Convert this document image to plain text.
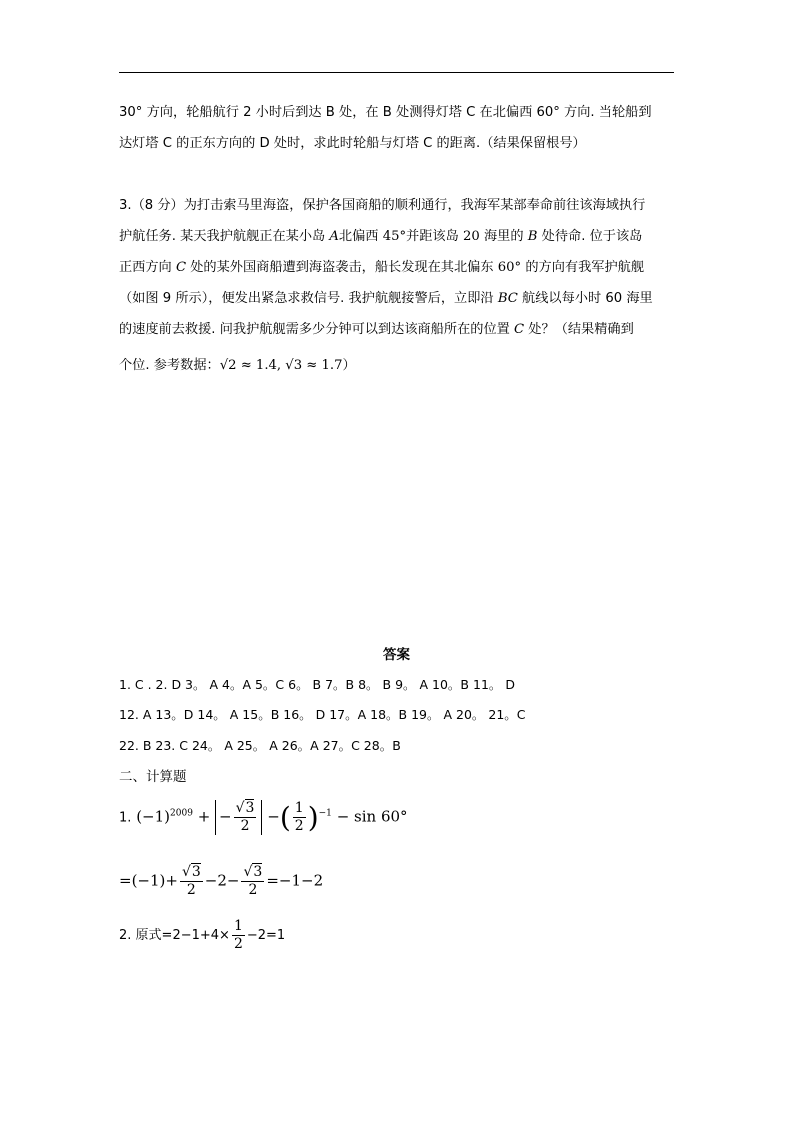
30° 方向，轮船航行 2 小时后到达 B 处，在 B 处测得灯塔 C 在北偏西 60° 方向. 当轮船到
达灯塔 C 的正东方向的 D 处时，求此时轮船与灯塔 C 的距离.（结果保留根号）
3.（8 分）为打击索马里海盗，保护各国商船的顺利通行，我海军某部奉命前往该海域执行
护航任务. 某天我护航舰正在某小岛 A北偏西 45°并距该岛 20 海里的 B 处待命. 位于该岛
正西方向 C 处的某外国商船遭到海盗袭击，船长发现在其北偏东 60° 的方向有我军护航舰
（如图 9 所示），便发出紧急求救信号. 我护航舰接警后，立即沿 BC 航线以每小时 60 海里
的速度前去救援. 问我护航舰需多少分钟可以到达该商船所在的位置 C 处？（结果精确到
个位. 参考数据：√2 ≈ 1.4, √3 ≈ 1.7）
答案
1. C . 2. D 3。 A 4。A 5。C 6。 B 7。B 8。 B 9。 A 10。B 11。 D
12. A 13。D 14。 A 15。B 16。 D 17。A 18。B 19。 A 20。 21。C
22. B 23. C 24。 A 25。 A 26。A 27。C 28。B
二、计算题
1. $(-1)^{2009}$ + − $\frac{√3}{2}$ −( $\frac{1}{2} )^{-1} - \sin 60^\circ$
$=(-1)+ \frac{√3}{2} -2- \frac{√3}{2} =-1-2$
2. 原式$=2-1+4\times \frac{1}{2} -2=1$
